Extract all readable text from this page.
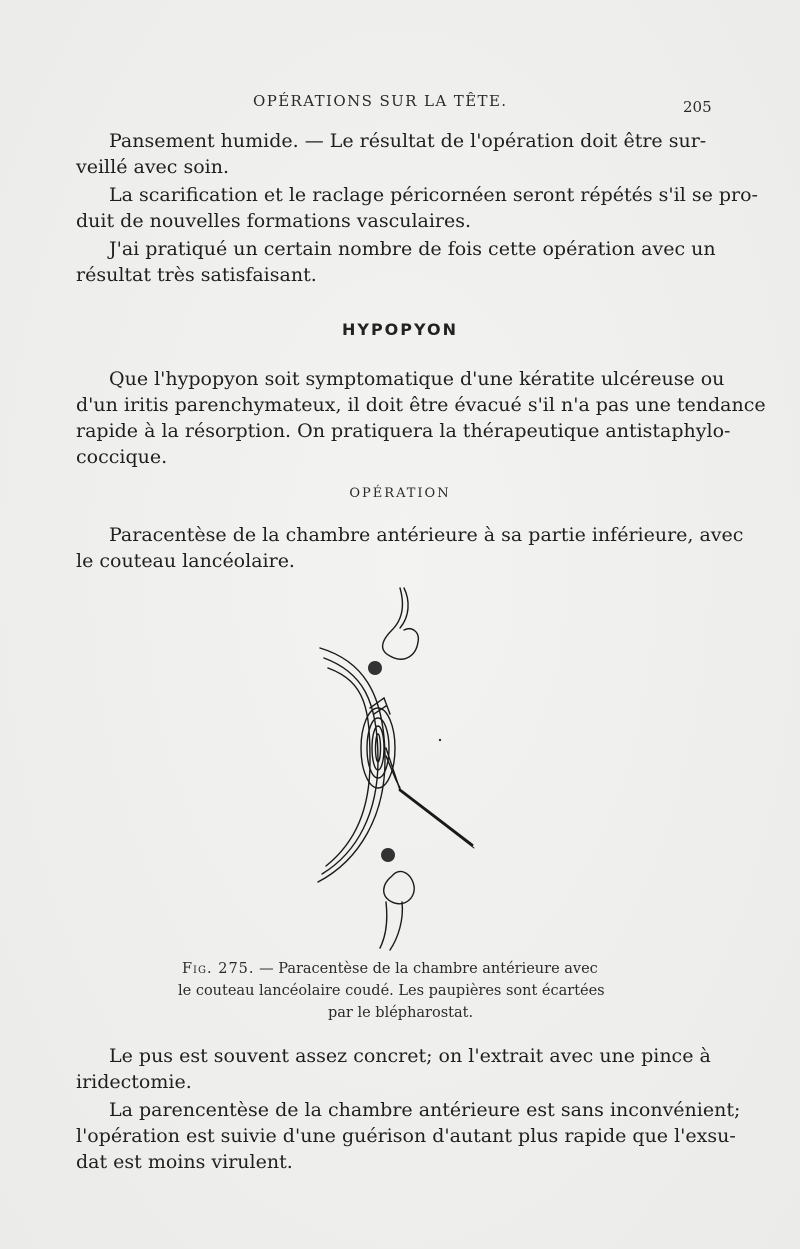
OPÉRATIONS SUR LA TÊTE.	205
Pansement humide. — Le résultat de l'opération doit être sur-
veillé avec soin.
La scarification et le raclage péricornéen seront répétés s'il se pro-
duit de nouvelles formations vasculaires.
J'ai pratiqué un certain nombre de fois cette opération avec un
résultat très satisfaisant.
HYPOPYON
Que l'hypopyon soit symptomatique d'une kératite ulcéreuse ou
d'un iritis parenchymateux, il doit être évacué s'il n'a pas une tendance
rapide à la résorption. On pratiquera la thérapeutique antistaphylo-
coccique.
OPÉRATION
Paracentèse de la chambre antérieure à sa partie inférieure, avec
le couteau lancéolaire.
Fig. 275. — Paracentèse de la chambre antérieure avec
le couteau lancéolaire coudé. Les paupières sont écartées
par le blépharostat.
Le pus est souvent assez concret; on l'extrait avec une pince à
iridectomie.
La parencentèse de la chambre antérieure est sans inconvénient;
l'opération est suivie d'une guérison d'autant plus rapide que l'exsu-
dat est moins virulent.
